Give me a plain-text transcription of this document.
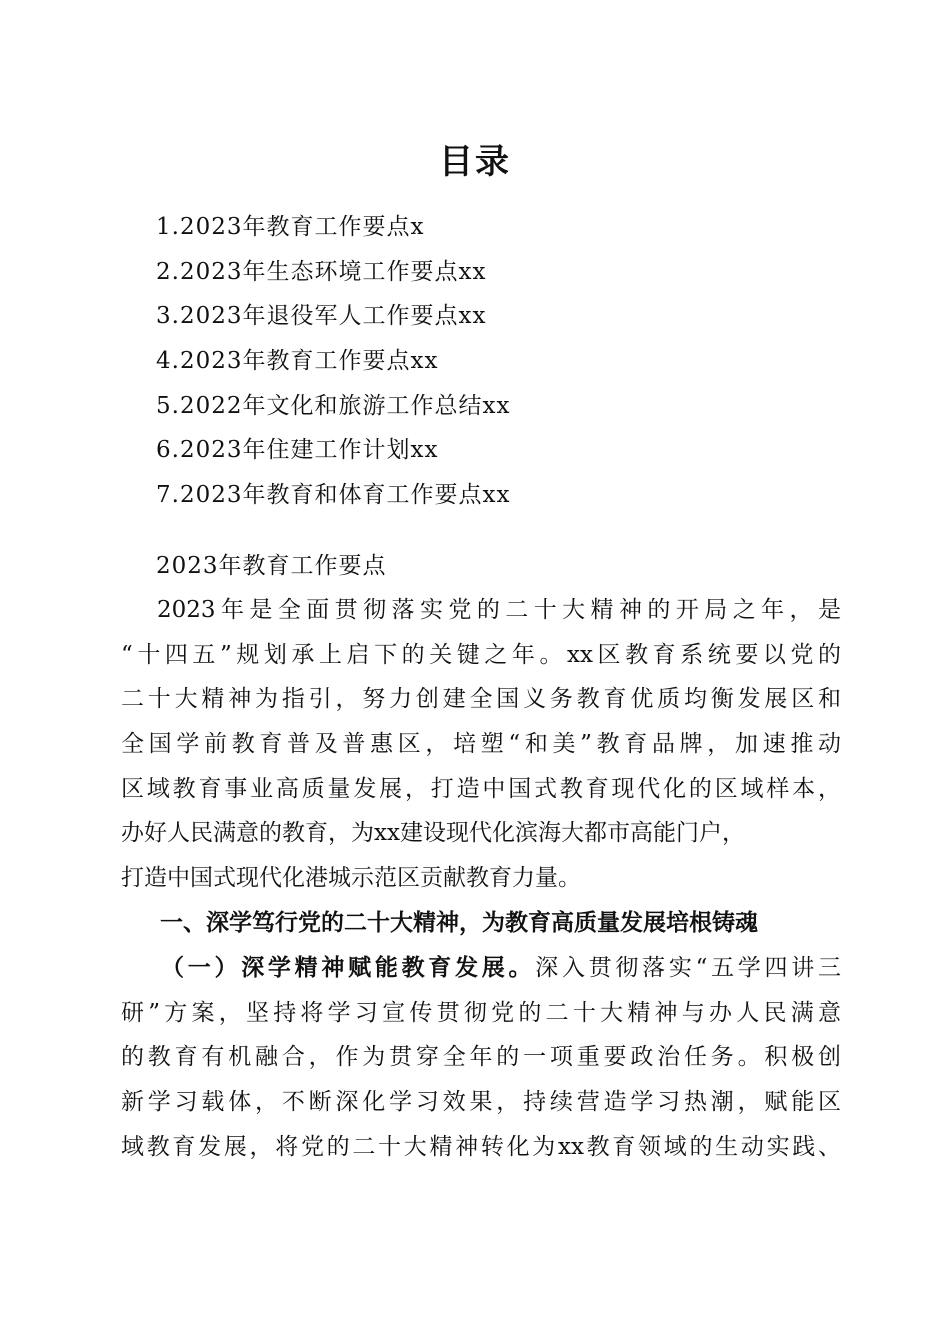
目录
1.2023年教育工作要点x
2.2023年生态环境工作要点xx
3.2023年退役军人工作要点xx
4.2023年教育工作要点xx
5.2022年文化和旅游工作总结xx
6.2023年住建工作计划xx
7.2023年教育和体育工作要点xx
2023年教育工作要点
2023年是全面贯彻落实党的二十大精神的开局之年，是
“十四五”规划承上启下的关键之年。xx区教育系统要以党的
二十大精神为指引，努力创建全国义务教育优质均衡发展区和
全国学前教育普及普惠区，培塑“和美”教育品牌，加速推动
区域教育事业高质量发展，打造中国式教育现代化的区域样本，
办好人民满意的教育，为xx建设现代化滨海大都市高能门户，
打造中国式现代化港城示范区贡献教育力量。
一、深学笃行党的二十大精神，为教育高质量发展培根铸魂
（一）深学精神赋能教育发展。深入贯彻落实“五学四讲三
研”方案，坚持将学习宣传贯彻党的二十大精神与办人民满意
的教育有机融合，作为贯穿全年的一项重要政治任务。积极创
新学习载体，不断深化学习效果，持续营造学习热潮，赋能区
域教育发展，将党的二十大精神转化为xx教育领域的生动实践、
